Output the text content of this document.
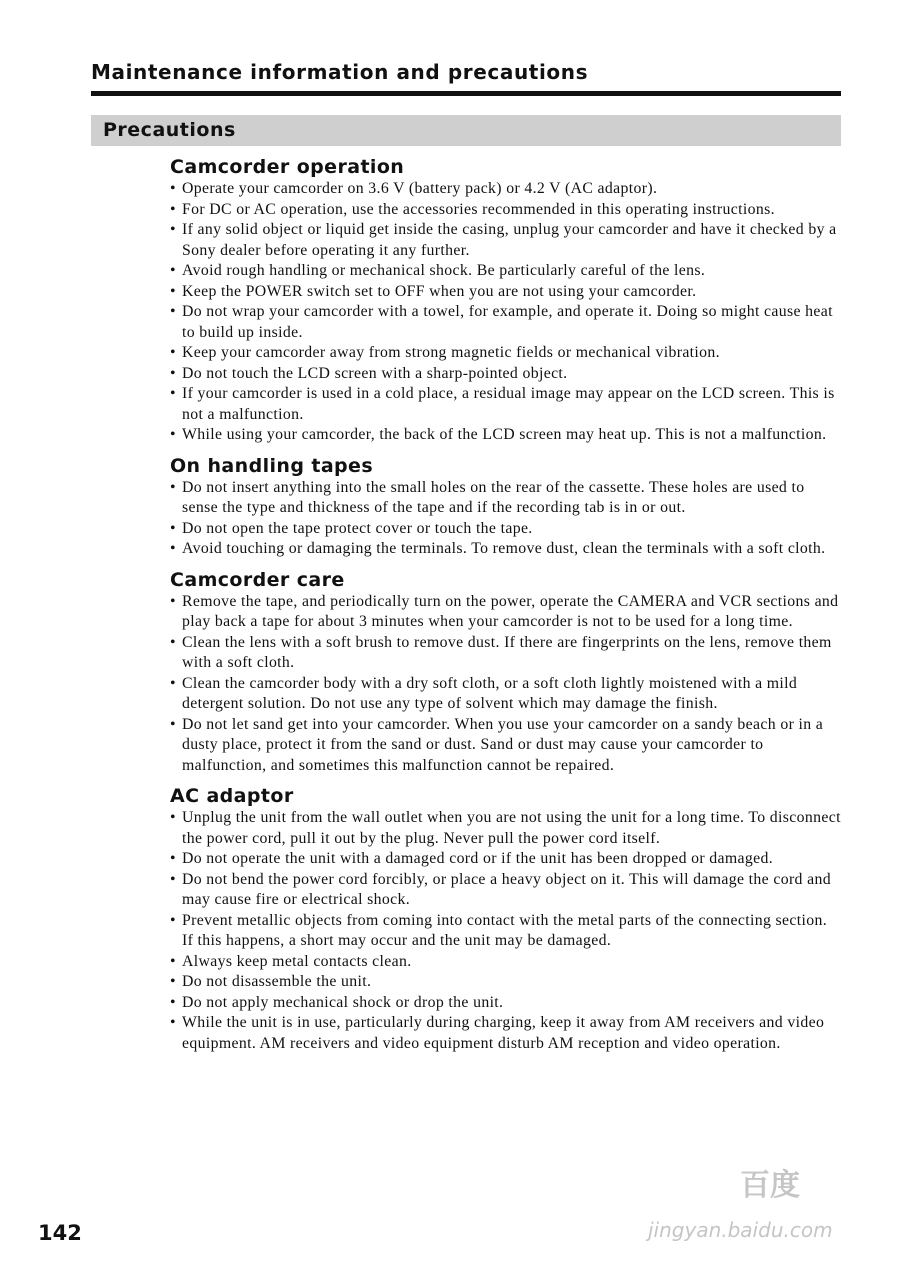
Maintenance information and precautions
Precautions
Camcorder operation
• Operate your camcorder on 3.6 V (battery pack) or 4.2 V (AC adaptor).
• For DC or AC operation, use the accessories recommended in this operating instructions.
• If any solid object or liquid get inside the casing, unplug your camcorder and have it checked by a Sony dealer before operating it any further.
• Avoid rough handling or mechanical shock. Be particularly careful of the lens.
• Keep the POWER switch set to OFF when you are not using your camcorder.
• Do not wrap your camcorder with a towel, for example, and operate it. Doing so might cause heat to build up inside.
• Keep your camcorder away from strong magnetic fields or mechanical vibration.
• Do not touch the LCD screen with a sharp-pointed object.
• If your camcorder is used in a cold place, a residual image may appear on the LCD screen. This is not a malfunction.
• While using your camcorder, the back of the LCD screen may heat up. This is not a malfunction.
On handling tapes
• Do not insert anything into the small holes on the rear of the cassette. These holes are used to sense the type and thickness of the tape and if the recording tab is in or out.
• Do not open the tape protect cover or touch the tape.
• Avoid touching or damaging the terminals. To remove dust, clean the terminals with a soft cloth.
Camcorder care
• Remove the tape, and periodically turn on the power, operate the CAMERA and VCR sections and play back a tape for about 3 minutes when your camcorder is not to be used for a long time.
• Clean the lens with a soft brush to remove dust. If there are fingerprints on the lens, remove them with a soft cloth.
• Clean the camcorder body with a dry soft cloth, or a soft cloth lightly moistened with a mild detergent solution. Do not use any type of solvent which may damage the finish.
• Do not let sand get into your camcorder. When you use your camcorder on a sandy beach or in a dusty place, protect it from the sand or dust. Sand or dust may cause your camcorder to malfunction, and sometimes this malfunction cannot be repaired.
AC adaptor
• Unplug the unit from the wall outlet when you are not using the unit for a long time. To disconnect the power cord, pull it out by the plug. Never pull the power cord itself.
• Do not operate the unit with a damaged cord or if the unit has been dropped or damaged.
• Do not bend the power cord forcibly, or place a heavy object on it. This will damage the cord and may cause fire or electrical shock.
• Prevent metallic objects from coming into contact with the metal parts of the connecting section. If this happens, a short may occur and the unit may be damaged.
• Always keep metal contacts clean.
• Do not disassemble the unit.
• Do not apply mechanical shock or drop the unit.
• While the unit is in use, particularly during charging, keep it away from AM receivers and video equipment. AM receivers and video equipment disturb AM reception and video operation.
142
百度
jingyan.baidu.com
